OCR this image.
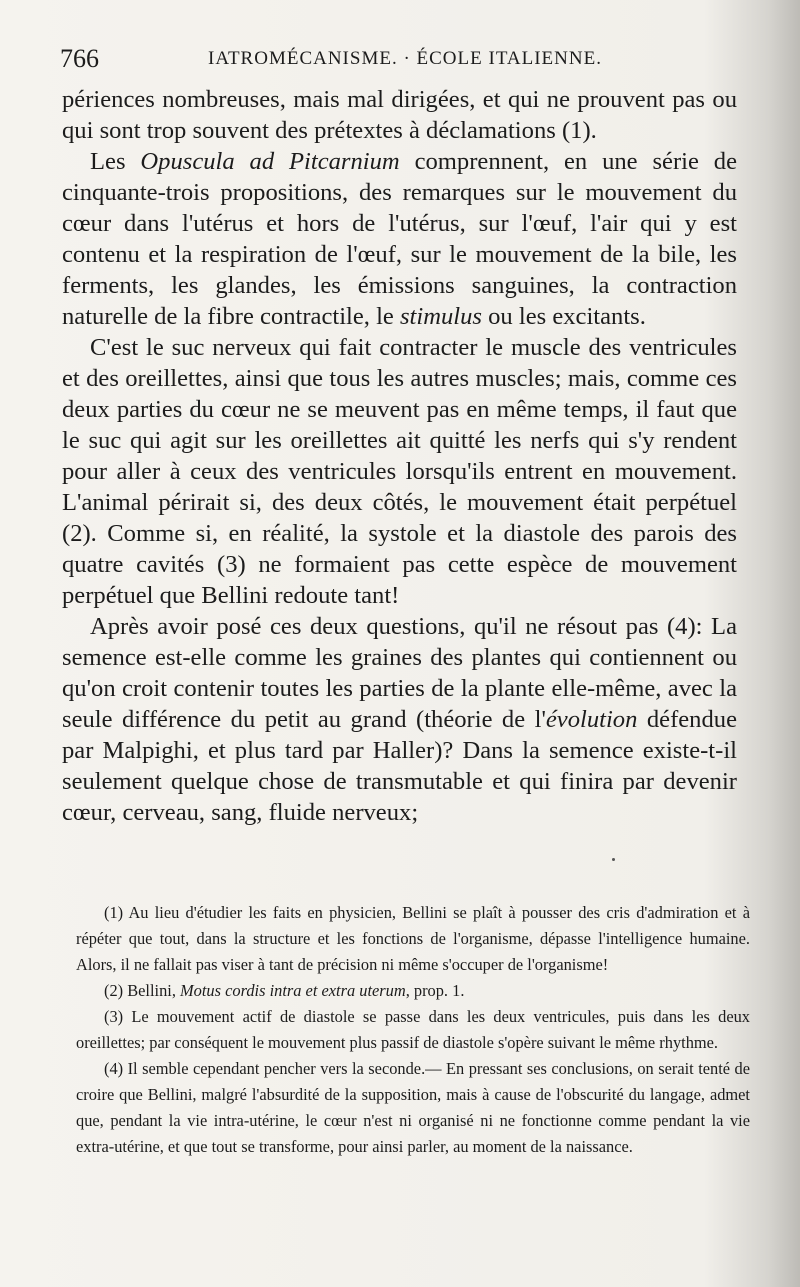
766	IATROMÉCANISME. · ÉCOLE ITALIENNE.

périences nombreuses, mais mal dirigées, et qui ne prouvent pas ou qui sont trop souvent des prétextes à déclamations (1).

Les Opuscula ad Pitcarnium comprennent, en une série de cinquante-trois propositions, des remarques sur le mouvement du cœur dans l'utérus et hors de l'utérus, sur l'œuf, l'air qui y est contenu et la respiration de l'œuf, sur le mouvement de la bile, les ferments, les glandes, les émissions sanguines, la contraction naturelle de la fibre contractile, le stimulus ou les excitants.

C'est le suc nerveux qui fait contracter le muscle des ventricules et des oreillettes, ainsi que tous les autres muscles; mais, comme ces deux parties du cœur ne se meuvent pas en même temps, il faut que le suc qui agit sur les oreillettes ait quitté les nerfs qui s'y rendent pour aller à ceux des ventricules lorsqu'ils entrent en mouvement. L'animal périrait si, des deux côtés, le mouvement était perpétuel (2). Comme si, en réalité, la systole et la diastole des parois des quatre cavités (3) ne formaient pas cette espèce de mouvement perpétuel que Bellini redoute tant!

Après avoir posé ces deux questions, qu'il ne résout pas (4): La semence est-elle comme les graines des plantes qui contiennent ou qu'on croit contenir toutes les parties de la plante elle-même, avec la seule différence du petit au grand (théorie de l'évolution défendue par Malpighi, et plus tard par Haller)? Dans la semence existe-t-il seulement quelque chose de transmutable et qui finira par devenir cœur, cerveau, sang, fluide nerveux;

(1) Au lieu d'étudier les faits en physicien, Bellini se plaît à pousser des cris d'admiration et à répéter que tout, dans la structure et les fonctions de l'organisme, dépasse l'intelligence humaine. Alors, il ne fallait pas viser à tant de précision ni même s'occuper de l'organisme!

(2) Bellini, Motus cordis intra et extra uterum, prop. 1.

(3) Le mouvement actif de diastole se passe dans les deux ventricules, puis dans les deux oreillettes; par conséquent le mouvement plus passif de diastole s'opère suivant le même rhythme.

(4) Il semble cependant pencher vers la seconde.— En pressant ses conclusions, on serait tenté de croire que Bellini, malgré l'absurdité de la supposition, mais à cause de l'obscurité du langage, admet que, pendant la vie intra-utérine, le cœur n'est ni organisé ni ne fonctionne comme pendant la vie extra-utérine, et que tout se transforme, pour ainsi parler, au moment de la naissance.
